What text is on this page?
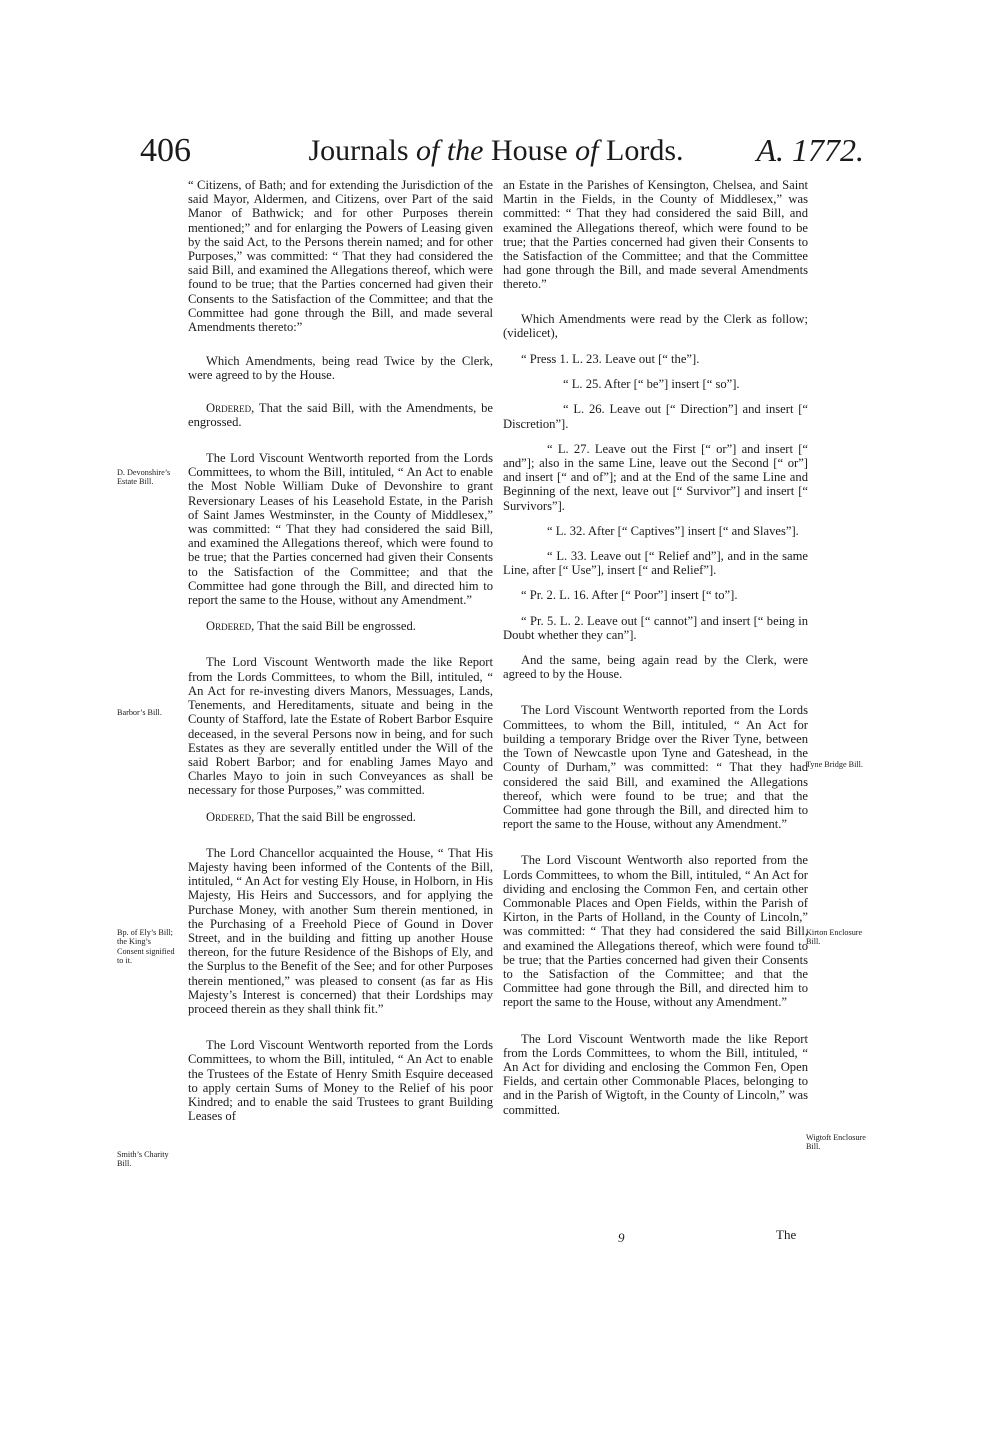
406	Journals of the House of Lords.	A. 1772.
D. Devonshire’s Estate Bill.
Barbor’s Bill.
Bp. of Ely’s Bill; the King’s Consent signified to it.
Smith’s Charity Bill.
Tyne Bridge Bill.
Kirton Enclosure Bill.
Wigtoft Enclosure Bill.

“ Citizens, of Bath; and for extending the Jurisdiction of the said Mayor, Aldermen, and Citizens, over Part of the said Manor of Bathwick; and for other Purposes therein mentioned;” and for enlarging the Powers of Leasing given by the said Act, to the Persons therein named; and for other Purposes,” was committed: “ That they had considered the said Bill, and examined the Allegations thereof, which were found to be true; that the Parties concerned had given their Consents to the Satisfaction of the Committee; and that the Committee had gone through the Bill, and made several Amendments thereto:”

Which Amendments, being read Twice by the Clerk, were agreed to by the House.

Ordered, That the said Bill, with the Amendments, be engrossed.

The Lord Viscount Wentworth reported from the Lords Committees, to whom the Bill, intituled, “ An Act to enable the Most Noble William Duke of Devonshire to grant Reversionary Leases of his Leasehold Estate, in the Parish of Saint James Westminster, in the County of Middlesex,” was committed: “ That they had considered the said Bill, and examined the Allegations thereof, which were found to be true; that the Parties concerned had given their Consents to the Satisfaction of the Committee; and that the Committee had gone through the Bill, and directed him to report the same to the House, without any Amendment.”

Ordered, That the said Bill be engrossed.

The Lord Viscount Wentworth made the like Report from the Lords Committees, to whom the Bill, intituled, “ An Act for re-investing divers Manors, Messuages, Lands, Tenements, and Hereditaments, situate and being in the County of Stafford, late the Estate of Robert Barbor Esquire deceased, in the several Persons now in being, and for such Estates as they are severally entitled under the Will of the said Robert Barbor; and for enabling James Mayo and Charles Mayo to join in such Conveyances as shall be necessary for those Purposes,” was committed.

Ordered, That the said Bill be engrossed.

The Lord Chancellor acquainted the House, “ That His Majesty having been informed of the Contents of the Bill, intituled, “ An Act for vesting Ely House, in Holborn, in His Majesty, His Heirs and Successors, and for applying the Purchase Money, with another Sum therein mentioned, in the Purchasing of a Freehold Piece of Gound in Dover Street, and in the building and fitting up another House thereon, for the future Residence of the Bishops of Ely, and the Surplus to the Benefit of the See; and for other Purposes therein mentioned,” was pleased to consent (as far as His Majesty’s Interest is concerned) that their Lordships may proceed therein as they shall think fit.”

The Lord Viscount Wentworth reported from the Lords Committees, to whom the Bill, intituled, “ An Act to enable the Trustees of the Estate of Henry Smith Esquire deceased to apply certain Sums of Money to the Relief of his poor Kindred; and to enable the said Trustees to grant Building Leases of

an Estate in the Parishes of Kensington, Chelsea, and Saint Martin in the Fields, in the County of Middlesex,” was committed: “ That they had considered the said Bill, and examined the Allegations thereof, which were found to be true; that the Parties concerned had given their Consents to the Satisfaction of the Committee; and that the Committee had gone through the Bill, and made several Amendments thereto.”

Which Amendments were read by the Clerk as follow; (videlicet),

“ Press 1. L. 23. Leave out [“ the”].

“ L. 25. After [“ be”] insert [“ so”].

“ L. 26. Leave out [“ Direction”] and insert [“ Discretion”].

“ L. 27. Leave out the First [“ or”] and insert [“ and”]; also in the same Line, leave out the Second [“ or”] and insert [“ and of”]; and at the End of the same Line and Beginning of the next, leave out [“ Survivor”] and insert [“ Survivors”].

“ L. 32. After [“ Captives”] insert [“ and Slaves”].

“ L. 33. Leave out [“ Relief and”], and in the same Line, after [“ Use”], insert [“ and Relief”].

“ Pr. 2. L. 16. After [“ Poor”] insert [“ to”].

“ Pr. 5. L. 2. Leave out [“ cannot”] and insert [“ being in Doubt whether they can”].

And the same, being again read by the Clerk, were agreed to by the House.

The Lord Viscount Wentworth reported from the Lords Committees, to whom the Bill, intituled, “ An Act for building a temporary Bridge over the River Tyne, between the Town of Newcastle upon Tyne and Gateshead, in the County of Durham,” was committed: “ That they had considered the said Bill, and examined the Allegations thereof, which were found to be true; and that the Committee had gone through the Bill, and directed him to report the same to the House, without any Amendment.”

The Lord Viscount Wentworth also reported from the Lords Committees, to whom the Bill, intituled, “ An Act for dividing and enclosing the Common Fen, and certain other Commonable Places and Open Fields, within the Parish of Kirton, in the Parts of Holland, in the County of Lincoln,” was committed: “ That they had considered the said Bill, and examined the Allegations thereof, which were found to be true; that the Parties concerned had given their Consents to the Satisfaction of the Committee; and that the Committee had gone through the Bill, and directed him to report the same to the House, without any Amendment.”

The Lord Viscount Wentworth made the like Report from the Lords Committees, to whom the Bill, intituled, “ An Act for dividing and enclosing the Common Fen, Open Fields, and certain other Commonable Places, belonging to and in the Parish of Wigtoft, in the County of Lincoln,” was committed.

9	The
